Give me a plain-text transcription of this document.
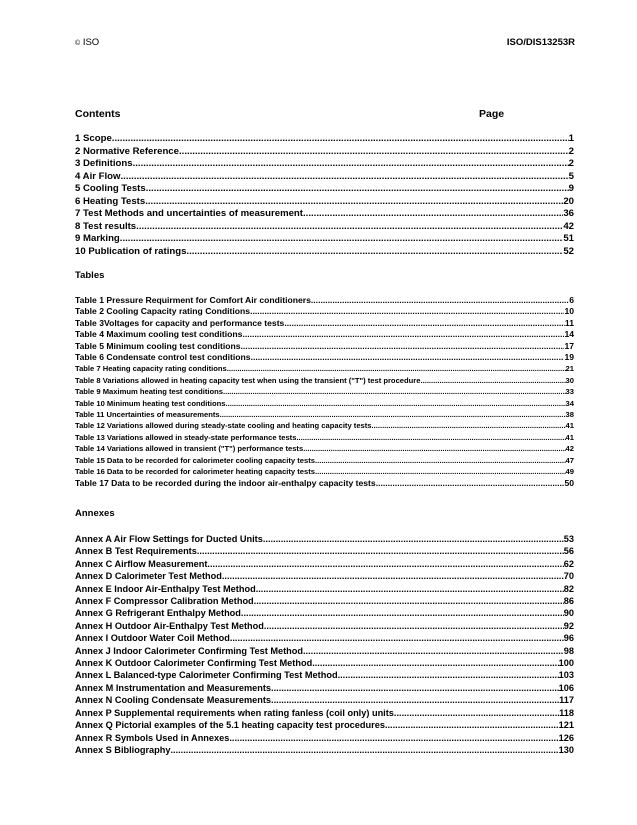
© ISO	ISO/DIS13253R
Contents	Page
1 Scope .....	1
2 Normative Reference .....	2
3 Definitions .....	2
4 Air Flow .....	5
5 Cooling Tests .....	9
6 Heating Tests .....	20
7 Test Methods and uncertainties of measurement .....	36
8 Test results .....	42
9 Marking .....	51
10 Publication of ratings .....	52
Tables
Table 1 Pressure Requirment for Comfort Air conditioners .....	6
Table 2 Cooling Capacity rating Conditions .....	10
Table 3Voltages for capacity and performance tests .....	11
Table 4 Maximum cooling test conditions .....	14
Table 5 Minimum cooling test conditions .....	17
Table 6 Condensate control test conditions .....	19
Table 7 Heating capacity rating conditions .....	21
Table 8 Variations allowed in heating capacity test when using the transient ("T") test procedure .....	30
Table 9 Maximum heating test conditions .....	33
Table 10 Minimum heating test conditions .....	34
Table 11 Uncertainties of measurements .....	38
Table 12 Variations allowed during steady-state cooling and heating capacity tests .....	41
Table 13 Variations allowed in steady-state performance tests .....	41
Table 14 Variations allowed in transient ("T") performance tests .....	42
Table 15 Data to be recorded for calorimeter cooling capacity tests .....	47
Table 16 Data to be recorded for calorimeter heating capacity tests .....	49
Table 17 Data to be recorded during the indoor air-enthalpy capacity tests .....	50
Annexes
Annex A Air Flow Settings for Ducted Units .....	53
Annex B Test Requirements .....	56
Annex C Airflow Measurement .....	62
Annex D Calorimeter Test Method .....	70
Annex E Indoor Air-Enthalpy Test Method .....	82
Annex F Compressor Calibration Method .....	86
Annex G Refrigerant Enthalpy Method .....	90
Annex H Outdoor Air-Enthalpy Test Method .....	92
Annex I Outdoor Water Coil Method .....	96
Annex J Indoor Calorimeter Confirming Test Method .....	98
Annex K Outdoor Calorimeter Confirming Test Method .....	100
Annex L Balanced-type Calorimeter Confirming Test Method .....	103
Annex M Instrumentation and Measurements .....	106
Annex N Cooling Condensate Measurements .....	117
Annex P Supplemental requirements when rating fanless (coil only) units .....	118
Annex Q Pictorial examples of the 5.1 heating capacity test procedures .....	121
Annex R Symbols Used in Annexes .....	126
Annex S Bibliography .....	130
